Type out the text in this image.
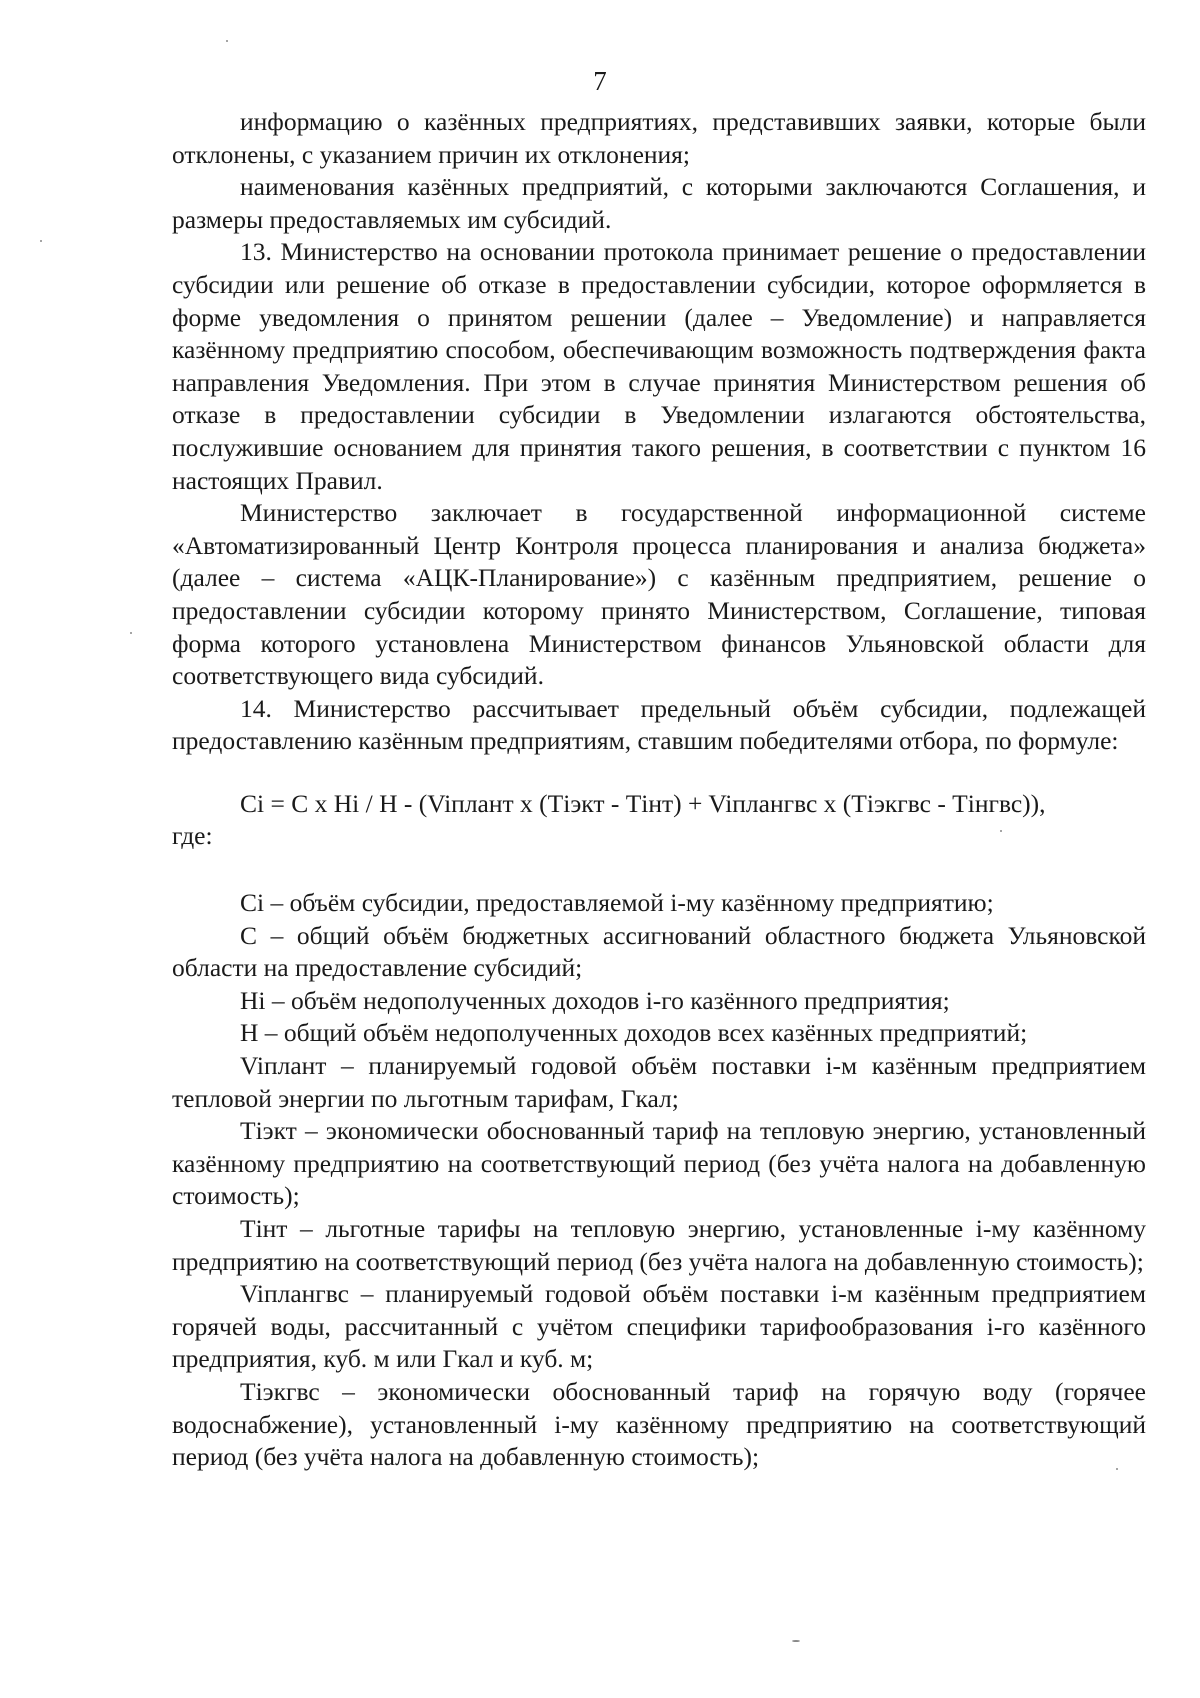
7

информацию о казённых предприятиях, представивших заявки, которые были отклонены, с указанием причин их отклонения;

наименования казённых предприятий, с которыми заключаются Соглашения, и размеры предоставляемых им субсидий.

13. Министерство на основании протокола принимает решение о предоставлении субсидии или решение об отказе в предоставлении субсидии, которое оформляется в форме уведомления о принятом решении (далее – Уведомление) и направляется казённому предприятию способом, обеспечивающим возможность подтверждения факта направления Уведомления. При этом в случае принятия Министерством решения об отказе в предоставлении субсидии в Уведомлении излагаются обстоятельства, послужившие основанием для принятия такого решения, в соответствии с пунктом 16 настоящих Правил.

Министерство заключает в государственной информационной системе «Автоматизированный Центр Контроля процесса планирования и анализа бюджета» (далее – система «АЦК-Планирование») с казённым предприятием, решение о предоставлении субсидии которому принято Министерством, Соглашение, типовая форма которого установлена Министерством финансов Ульяновской области для соответствующего вида субсидий.

14. Министерство рассчитывает предельный объём субсидии, подлежащей предоставлению казённым предприятиям, ставшим победителями отбора, по формуле:

Ci = C x Hi / H - (Viплант x (Тiэкт - Тiнт) + Viплангвс x (Тiэкгвс - Тiнгвс)),

где:

Ci – объём субсидии, предоставляемой i-му казённому предприятию;

C – общий объём бюджетных ассигнований областного бюджета Ульяновской области на предоставление субсидий;

Hi – объём недополученных доходов i-го казённого предприятия;

H – общий объём недополученных доходов всех казённых предприятий;

Viплант – планируемый годовой объём поставки i-м казённым предприятием тепловой энергии по льготным тарифам, Гкал;

Тiэкт – экономически обоснованный тариф на тепловую энергию, установленный казённому предприятию на соответствующий период (без учёта налога на добавленную стоимость);

Тiнт – льготные тарифы на тепловую энергию, установленные i-му казённому предприятию на соответствующий период (без учёта налога на добавленную стоимость);

Viплангвс – планируемый годовой объём поставки i-м казённым предприятием горячей воды, рассчитанный с учётом специфики тарифообразования i-го казённого предприятия, куб. м или Гкал и куб. м;

Тiэкгвс – экономически обоснованный тариф на горячую воду (горячее водоснабжение), установленный i-му казённому предприятию на соответствующий период (без учёта налога на добавленную стоимость);
